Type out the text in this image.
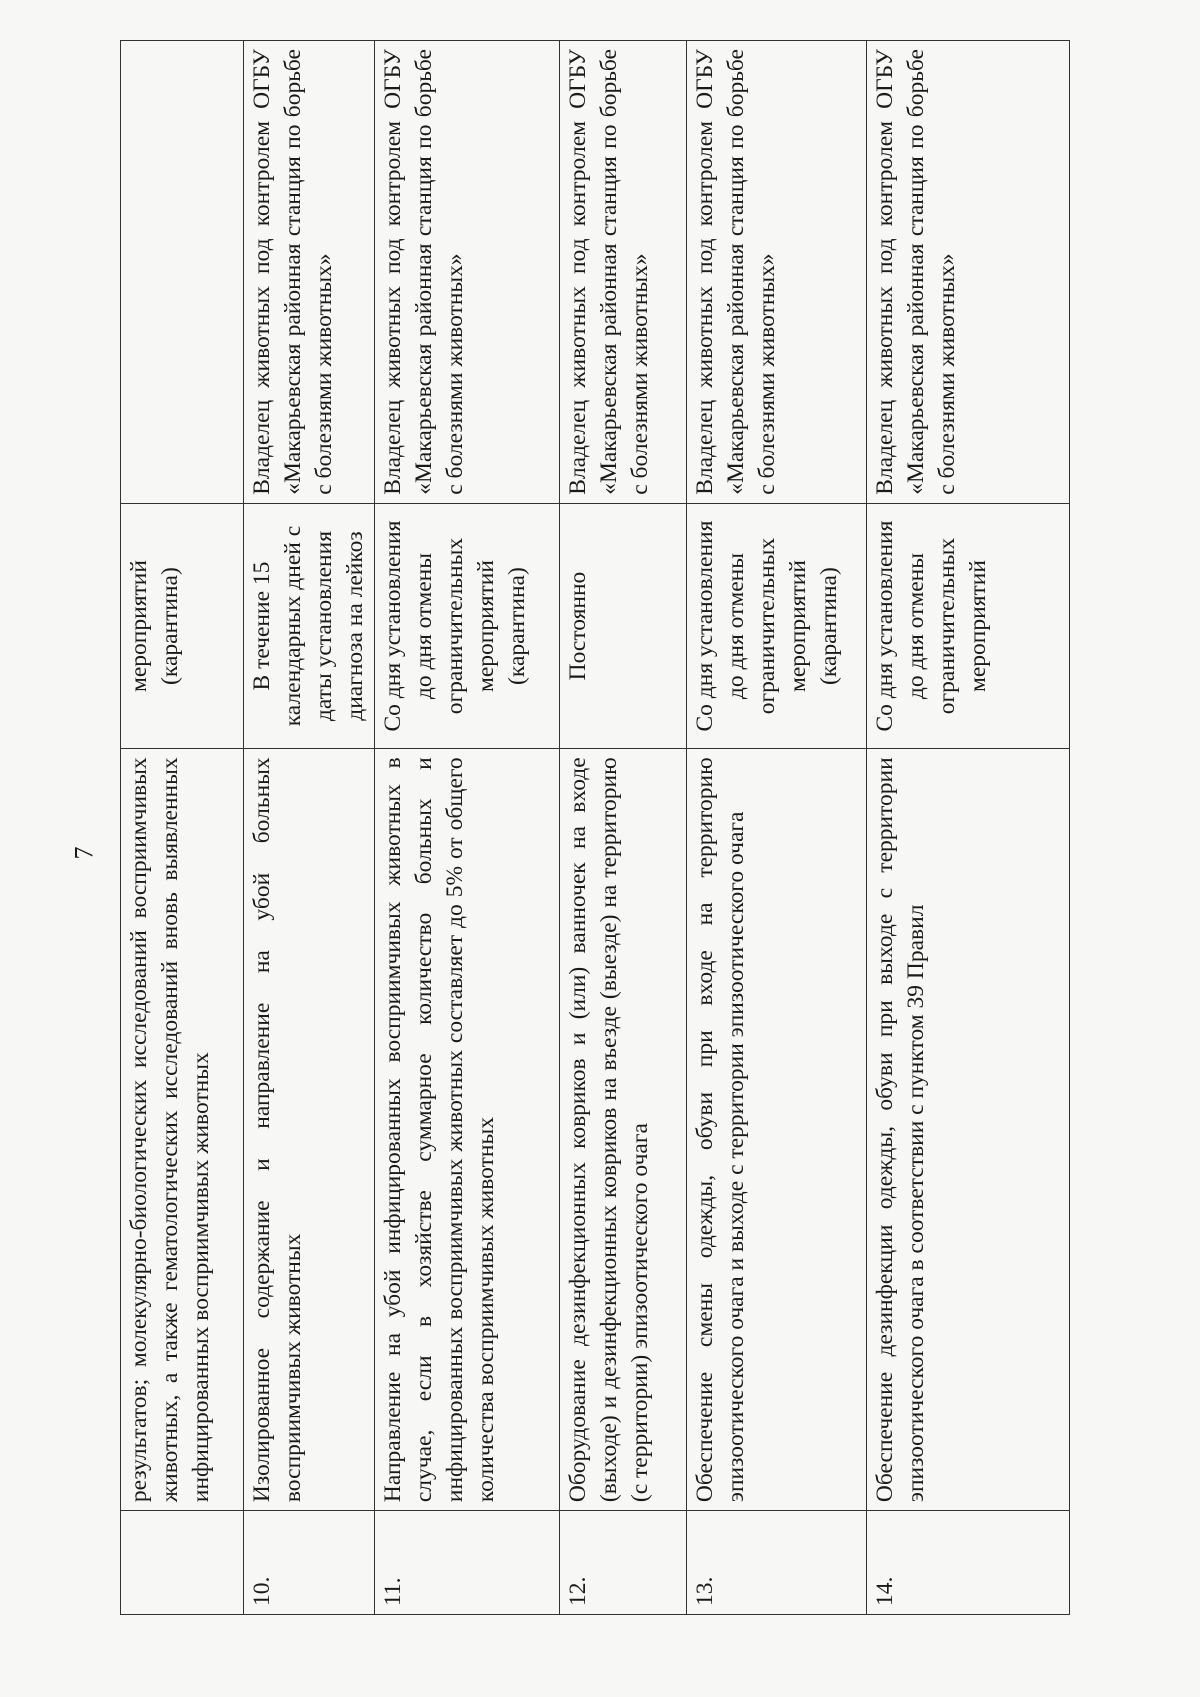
7
	результатов; молекулярно-биологических исследований восприимчивых животных, а также гематологических исследований вновь выявленных инфицированных восприимчивых животных	мероприятий (карантина)	
10.	Изолированное содержание и направление на убой больных восприимчивых животных	В течение 15 календарных дней с даты установления диагноза на лейкоз	Владелец животных под контролем ОГБУ «Макарьевская районная станция по борьбе с болезнями животных»
11.	Направление на убой инфицированных восприимчивых животных в случае, если в хозяйстве суммарное количество больных и инфицированных восприимчивых животных составляет до 5% от общего количества восприимчивых животных	Со дня установления до дня отмены ограничительных мероприятий (карантина)	Владелец животных под контролем ОГБУ «Макарьевская районная станция по борьбе с болезнями животных»
12.	Оборудование дезинфекционных ковриков и (или) ванночек на входе (выходе) и дезинфекционных ковриков на въезде (выезде) на территорию (с территории) эпизоотического очага	Постоянно	Владелец животных под контролем ОГБУ «Макарьевская районная станция по борьбе с болезнями животных»
13.	Обеспечение смены одежды, обуви при входе на территорию эпизоотического очага и выходе с территории эпизоотического очага	Со дня установления до дня отмены ограничительных мероприятий (карантина)	Владелец животных под контролем ОГБУ «Макарьевская районная станция по борьбе с болезнями животных»
14.	Обеспечение дезинфекции одежды, обуви при выходе с территории эпизоотического очага в соответствии с пунктом 39 Правил	Со дня установления до дня отмены ограничительных мероприятий	Владелец животных под контролем ОГБУ «Макарьевская районная станция по борьбе с болезнями животных»
